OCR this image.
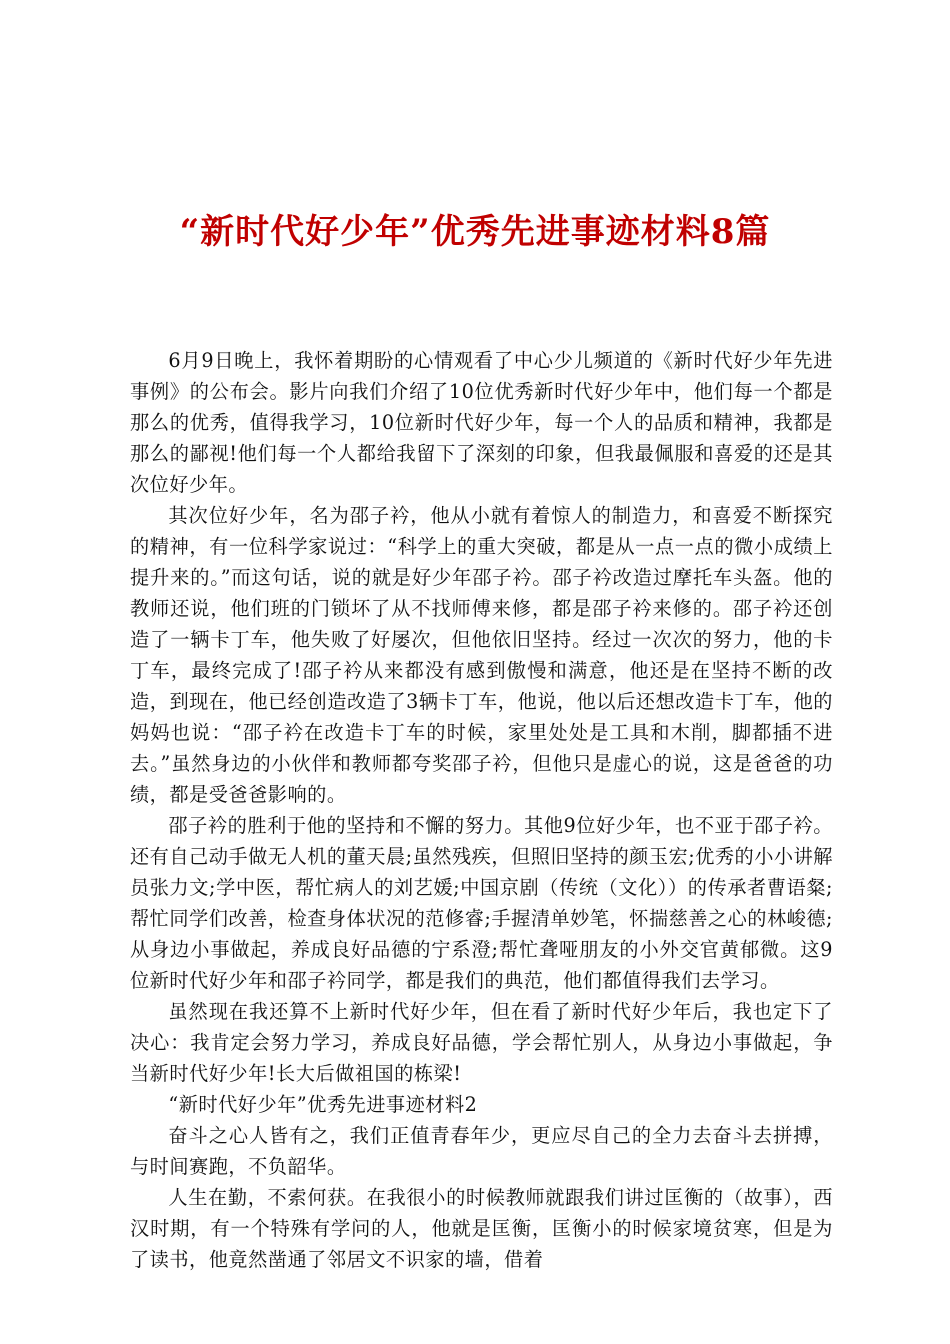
“新时代好少年”优秀先进事迹材料8篇

6月9日晚上，我怀着期盼的心情观看了中心少儿频道的《新时代好少年先进事例》的公布会。影片向我们介绍了10位优秀新时代好少年中，他们每一个都是那么的优秀，值得我学习，10位新时代好少年，每一个人的品质和精神，我都是那么的鄙视!他们每一个人都给我留下了深刻的印象，但我最佩服和喜爱的还是其次位好少年。

其次位好少年，名为邵子衿，他从小就有着惊人的制造力，和喜爱不断探究的精神，有一位科学家说过：“科学上的重大突破，都是从一点一点的微小成绩上提升来的。”而这句话，说的就是好少年邵子衿。邵子衿改造过摩托车头盔。他的教师还说，他们班的门锁坏了从不找师傅来修，都是邵子衿来修的。邵子衿还创造了一辆卡丁车，他失败了好屡次，但他依旧坚持。经过一次次的努力，他的卡丁车，最终完成了!邵子衿从来都没有感到傲慢和满意，他还是在坚持不断的改造，到现在，他已经创造改造了3辆卡丁车，他说，他以后还想改造卡丁车，他的妈妈也说：“邵子衿在改造卡丁车的时候，家里处处是工具和木削，脚都插不进去。”虽然身边的小伙伴和教师都夸奖邵子衿，但他只是虚心的说，这是爸爸的功绩，都是受爸爸影响的。

邵子衿的胜利于他的坚持和不懈的努力。其他9位好少年，也不亚于邵子衿。还有自己动手做无人机的董天晨;虽然残疾，但照旧坚持的颜玉宏;优秀的小小讲解员张力文;学中医，帮忙病人的刘艺媛;中国京剧（传统（文化））的传承者曹语粲;帮忙同学们改善，检查身体状况的范修睿;手握清单妙笔，怀揣慈善之心的林峻德;从身边小事做起，养成良好品德的宁系澄;帮忙聋哑朋友的小外交官黄郁微。这9位新时代好少年和邵子衿同学，都是我们的典范，他们都值得我们去学习。

虽然现在我还算不上新时代好少年，但在看了新时代好少年后，我也定下了决心：我肯定会努力学习，养成良好品德，学会帮忙别人，从身边小事做起，争当新时代好少年!长大后做祖国的栋梁!

“新时代好少年”优秀先进事迹材料2

奋斗之心人皆有之，我们正值青春年少，更应尽自己的全力去奋斗去拼搏，与时间赛跑，不负韶华。

人生在勤，不索何获。在我很小的时候教师就跟我们讲过匡衡的（故事），西汉时期，有一个特殊有学问的人，他就是匡衡，匡衡小的时候家境贫寒，但是为了读书，他竟然凿通了邻居文不识家的墙，借着
